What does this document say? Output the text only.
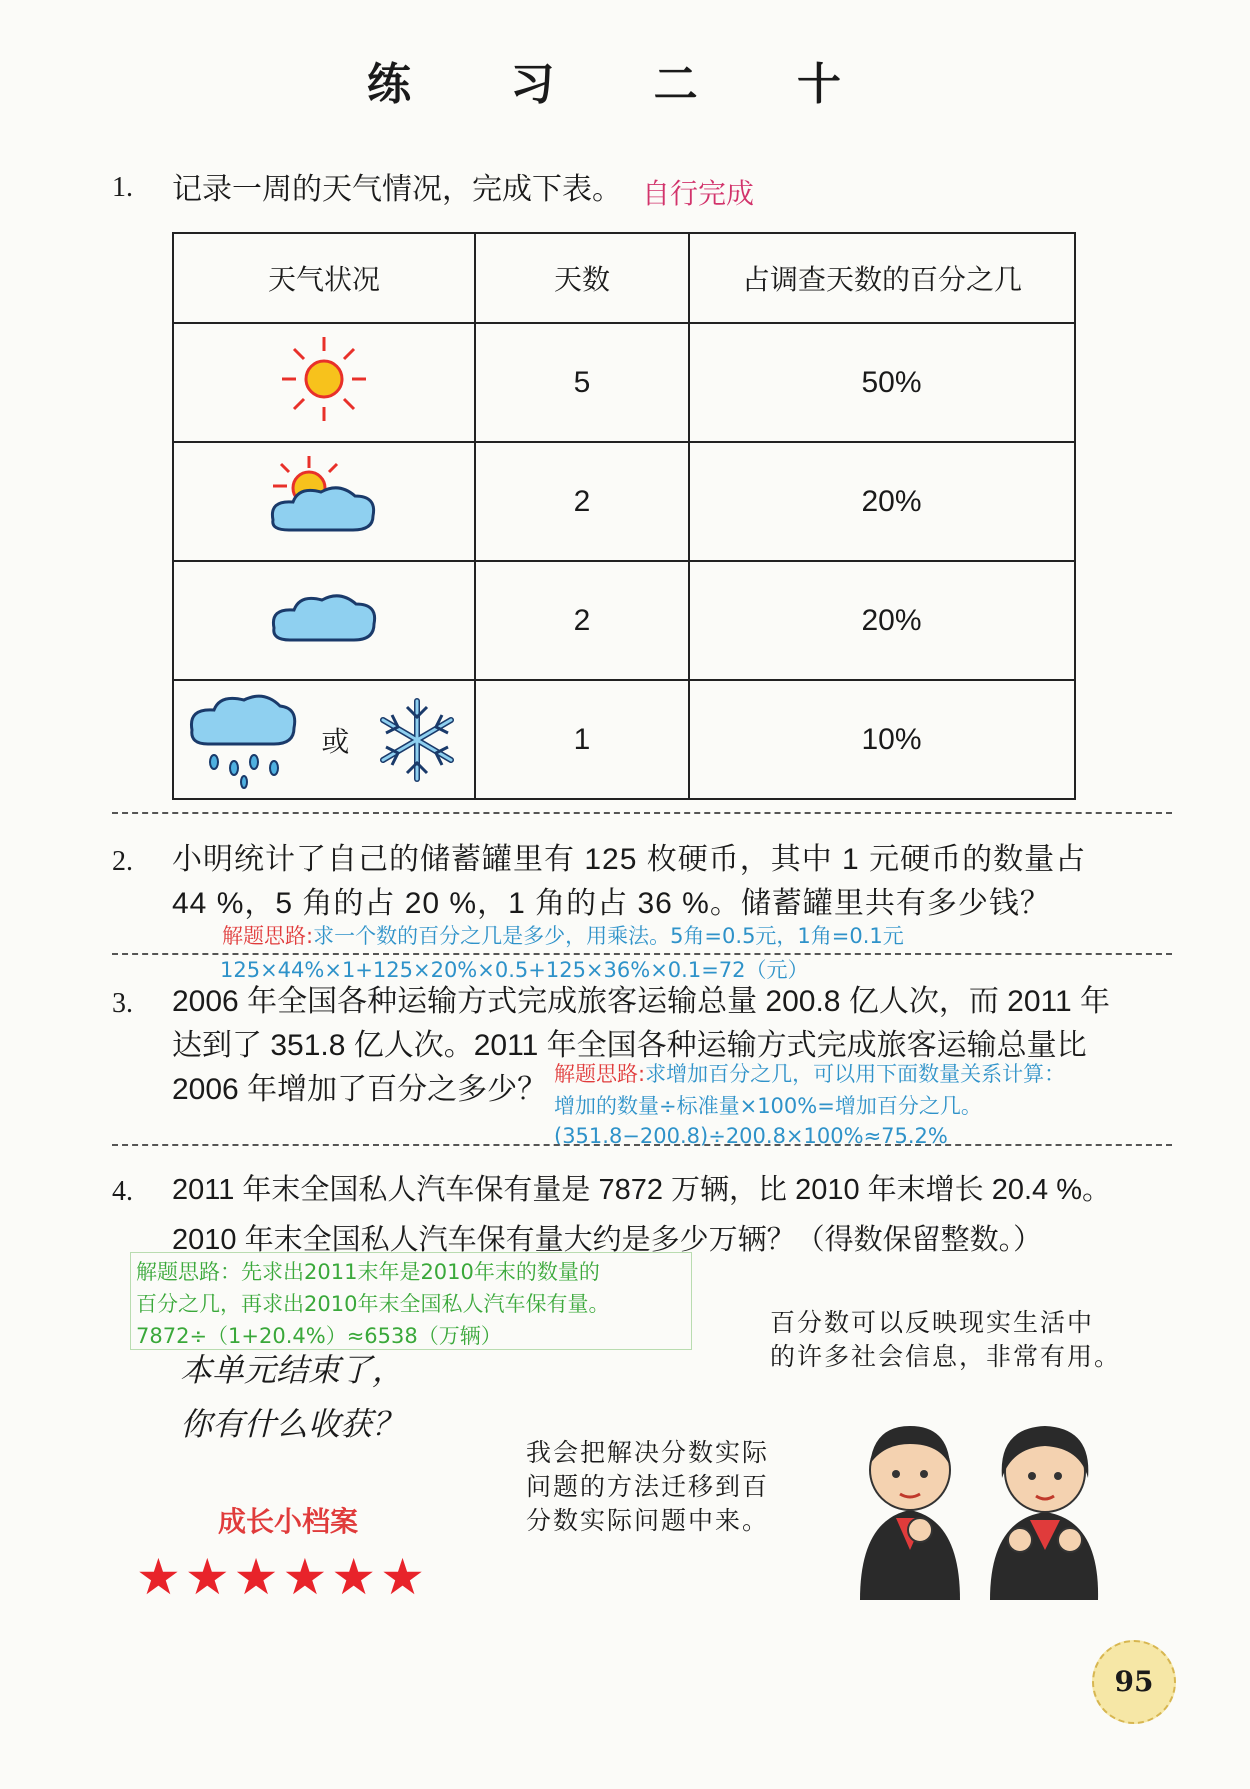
练 习 二 十
1. 记录一周的天气情况，完成下表。 自行完成
天气状况	天数	占调查天数的百分之几
	5	50%
	2	20%
	2	20%
或	1	10%
2. 小明统计了自己的储蓄罐里有 125 枚硬币，其中 1 元硬币的数量占
44 %，5 角的占 20 %，1 角的占 36 %。储蓄罐里共有多少钱？
解题思路:求一个数的百分之几是多少，用乘法。5角=0.5元，1角=0.1元
125×44%×1+125×20%×0.5+125×36%×0.1=72（元）
3. 2006 年全国各种运输方式完成旅客运输总量 200.8 亿人次，而 2011 年
达到了 351.8 亿人次。2011 年全国各种运输方式完成旅客运输总量比
2006 年增加了百分之多少？ 解题思路:求增加百分之几，可以用下面数量关系计算：
增加的数量÷标准量×100%=增加百分之几。
(351.8−200.8)÷200.8×100%≈75.2%
4. 2011 年末全国私人汽车保有量是 7872 万辆，比 2010 年末增长 20.4 %。
2010 年末全国私人汽车保有量大约是多少万辆？（得数保留整数。）
解题思路：先求出2011末年是2010年末的数量的
百分之几，再求出2010年末全国私人汽车保有量。
7872÷（1+20.4%）≈6538（万辆）
本单元结束了，
你有什么收获？
百分数可以反映现实生活中
的许多社会信息，非常有用。
我会把解决分数实际
问题的方法迁移到百
分数实际问题中来。
成长小档案
★★★★★★
95
